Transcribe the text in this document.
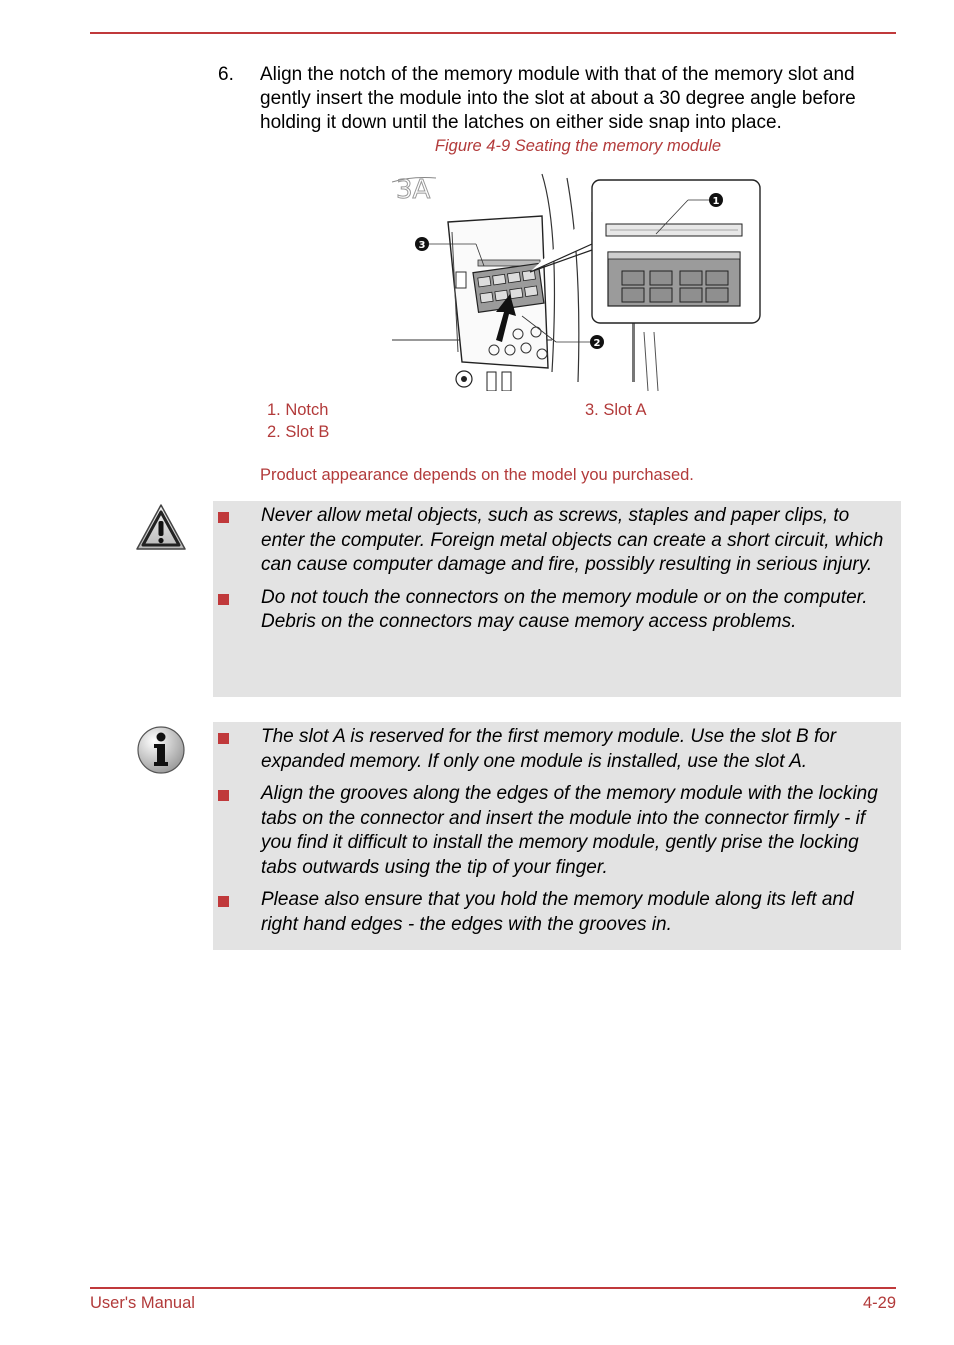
6. Align the notch of the memory module with that of the memory slot and gently insert the module into the slot at about a 30 degree angle before holding it down until the latches on either side snap into place.
Figure 4-9 Seating the memory module
3A	1
2
3
1. Notch
2. Slot B
3. Slot A
Product appearance depends on the model you purchased.
Never allow metal objects, such as screws, staples and paper clips, to enter the computer. Foreign metal objects can create a short circuit, which can cause computer damage and fire, possibly resulting in serious injury.
Do not touch the connectors on the memory module or on the computer. Debris on the connectors may cause memory access problems.
The slot A is reserved for the first memory module. Use the slot B for expanded memory. If only one module is installed, use the slot A.
Align the grooves along the edges of the memory module with the locking tabs on the connector and insert the module into the connector firmly - if you find it difficult to install the memory module, gently prise the locking tabs outwards using the tip of your finger.
Please also ensure that you hold the memory module along its left and right hand edges - the edges with the grooves in.
User's Manual	4-29
